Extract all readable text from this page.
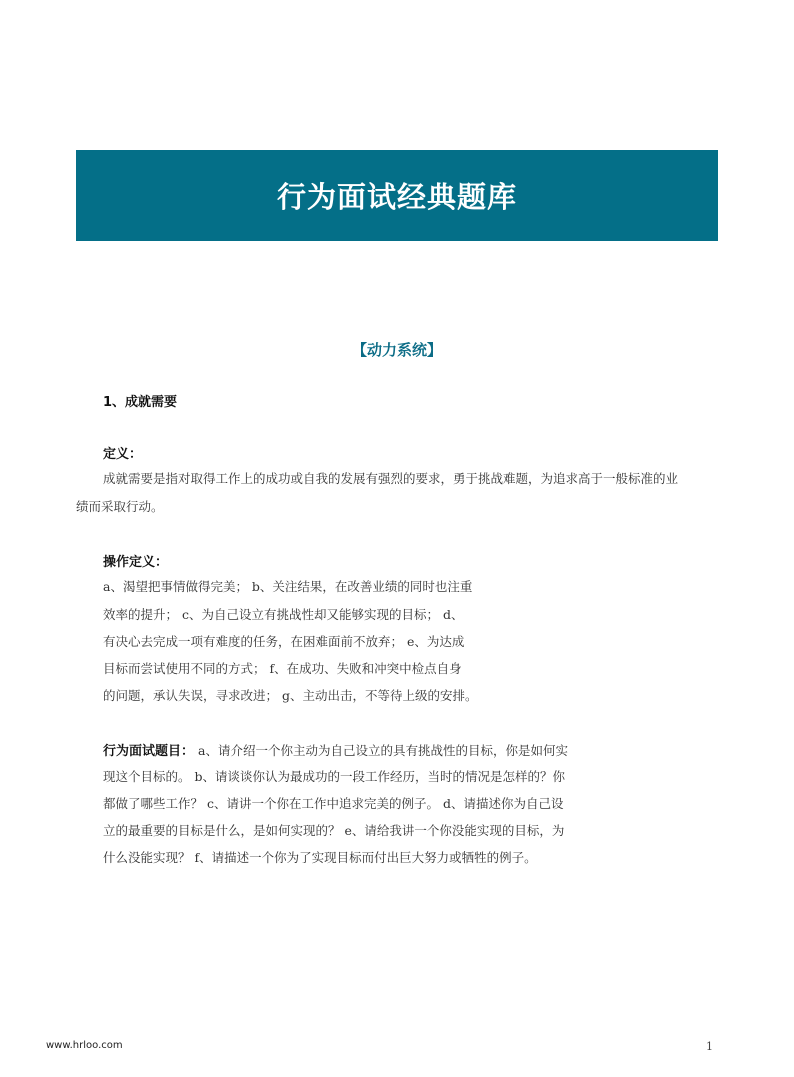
行为面试经典题库
【动力系统】
1、成就需要
定义：
成就需要是指对取得工作上的成功或自我的发展有强烈的要求，勇于挑战难题，为追求高于一般标准的业
绩而采取行动。
操作定义：
a、渴望把事情做得完美； b、关注结果，在改善业绩的同时也注重
效率的提升； c、为自己设立有挑战性却又能够实现的目标； d、
有决心去完成一项有难度的任务，在困难面前不放弃； e、为达成
目标而尝试使用不同的方式； f、在成功、失败和冲突中检点自身
的问题，承认失误，寻求改进； g、主动出击，不等待上级的安排。
行为面试题目： a、请介绍一个你主动为自己设立的具有挑战性的目标，你是如何实
现这个目标的。 b、请谈谈你认为最成功的一段工作经历，当时的情况是怎样的？你
都做了哪些工作？ c、请讲一个你在工作中追求完美的例子。 d、请描述你为自己设
立的最重要的目标是什么，是如何实现的？ e、请给我讲一个你没能实现的目标，为
什么没能实现？ f、请描述一个你为了实现目标而付出巨大努力或牺牲的例子。
www.hrloo.com	1
